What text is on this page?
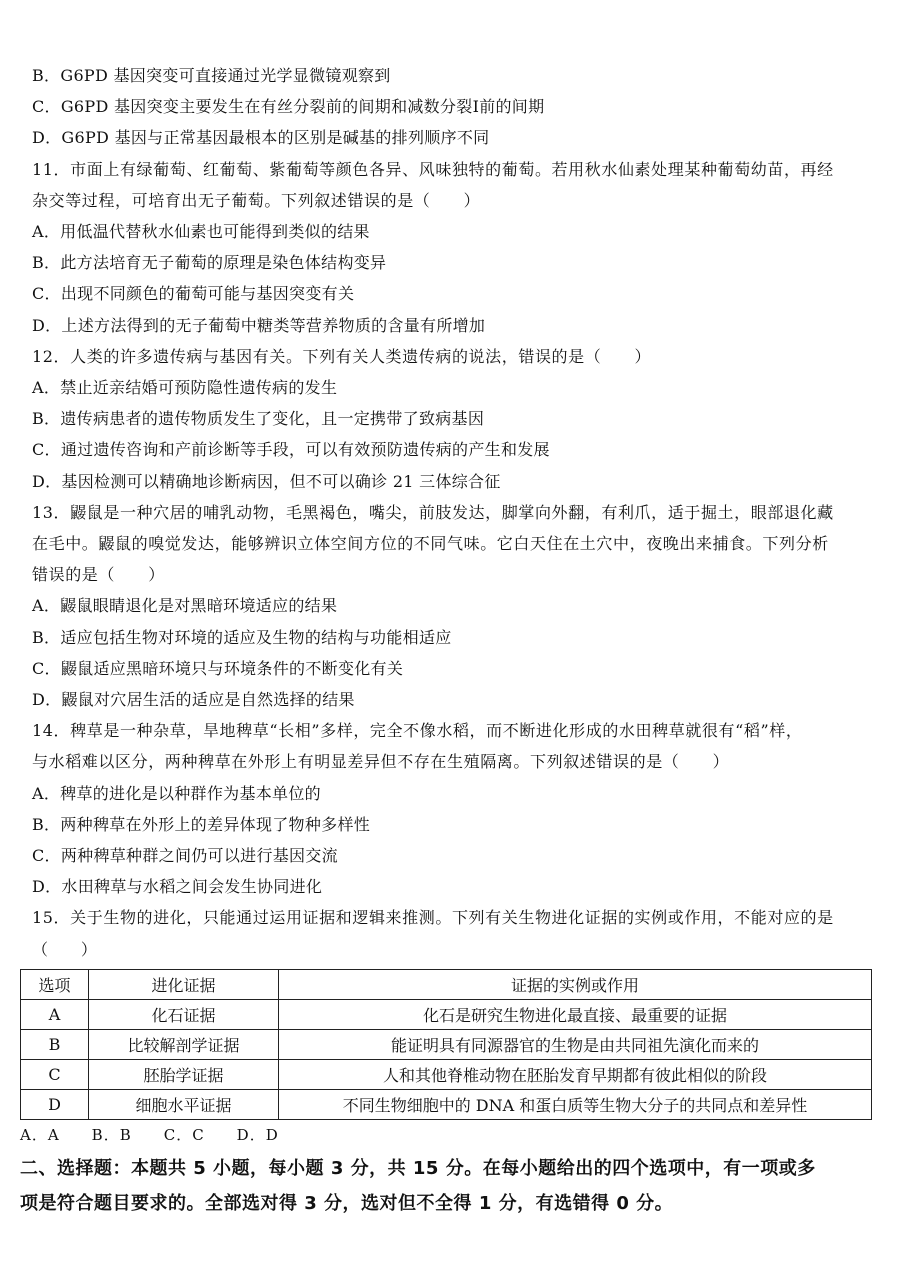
B．G6PD 基因突变可直接通过光学显微镜观察到
C．G6PD 基因突变主要发生在有丝分裂前的间期和减数分裂Ⅰ前的间期
D．G6PD 基因与正常基因最根本的区别是碱基的排列顺序不同
11．市面上有绿葡萄、红葡萄、紫葡萄等颜色各异、风味独特的葡萄。若用秋水仙素处理某种葡萄幼苗，再经
杂交等过程，可培育出无子葡萄。下列叙述错误的是（　　）
A．用低温代替秋水仙素也可能得到类似的结果
B．此方法培育无子葡萄的原理是染色体结构变异
C．出现不同颜色的葡萄可能与基因突变有关
D．上述方法得到的无子葡萄中糖类等营养物质的含量有所增加
12．人类的许多遗传病与基因有关。下列有关人类遗传病的说法，错误的是（　　）
A．禁止近亲结婚可预防隐性遗传病的发生
B．遗传病患者的遗传物质发生了变化，且一定携带了致病基因
C．通过遗传咨询和产前诊断等手段，可以有效预防遗传病的产生和发展
D．基因检测可以精确地诊断病因，但不可以确诊 21 三体综合征
13．鼹鼠是一种穴居的哺乳动物，毛黑褐色，嘴尖，前肢发达，脚掌向外翻，有利爪，适于掘土，眼部退化藏
在毛中。鼹鼠的嗅觉发达，能够辨识立体空间方位的不同气味。它白天住在土穴中，夜晚出来捕食。下列分析
错误的是（　　）
A．鼹鼠眼睛退化是对黑暗环境适应的结果
B．适应包括生物对环境的适应及生物的结构与功能相适应
C．鼹鼠适应黑暗环境只与环境条件的不断变化有关
D．鼹鼠对穴居生活的适应是自然选择的结果
14．稗草是一种杂草，旱地稗草“长相”多样，完全不像水稻，而不断进化形成的水田稗草就很有“稻”样，
与水稻难以区分，两种稗草在外形上有明显差异但不存在生殖隔离。下列叙述错误的是（　　）
A．稗草的进化是以种群作为基本单位的
B．两种稗草在外形上的差异体现了物种多样性
C．两种稗草种群之间仍可以进行基因交流
D．水田稗草与水稻之间会发生协同进化
15．关于生物的进化，只能通过运用证据和逻辑来推测。下列有关生物进化证据的实例或作用，不能对应的是
（　　）
选项	进化证据	证据的实例或作用
A	化石证据	化石是研究生物进化最直接、最重要的证据
B	比较解剖学证据	能证明具有同源器官的生物是由共同祖先演化而来的
C	胚胎学证据	人和其他脊椎动物在胚胎发育早期都有彼此相似的阶段
D	细胞水平证据	不同生物细胞中的 DNA 和蛋白质等生物大分子的共同点和差异性
A．A　　B．B　　C．C　　D．D
二、选择题：本题共 5 小题，每小题 3 分，共 15 分。在每小题给出的四个选项中，有一项或多
项是符合题目要求的。全部选对得 3 分，选对但不全得 1 分，有选错得 0 分。
